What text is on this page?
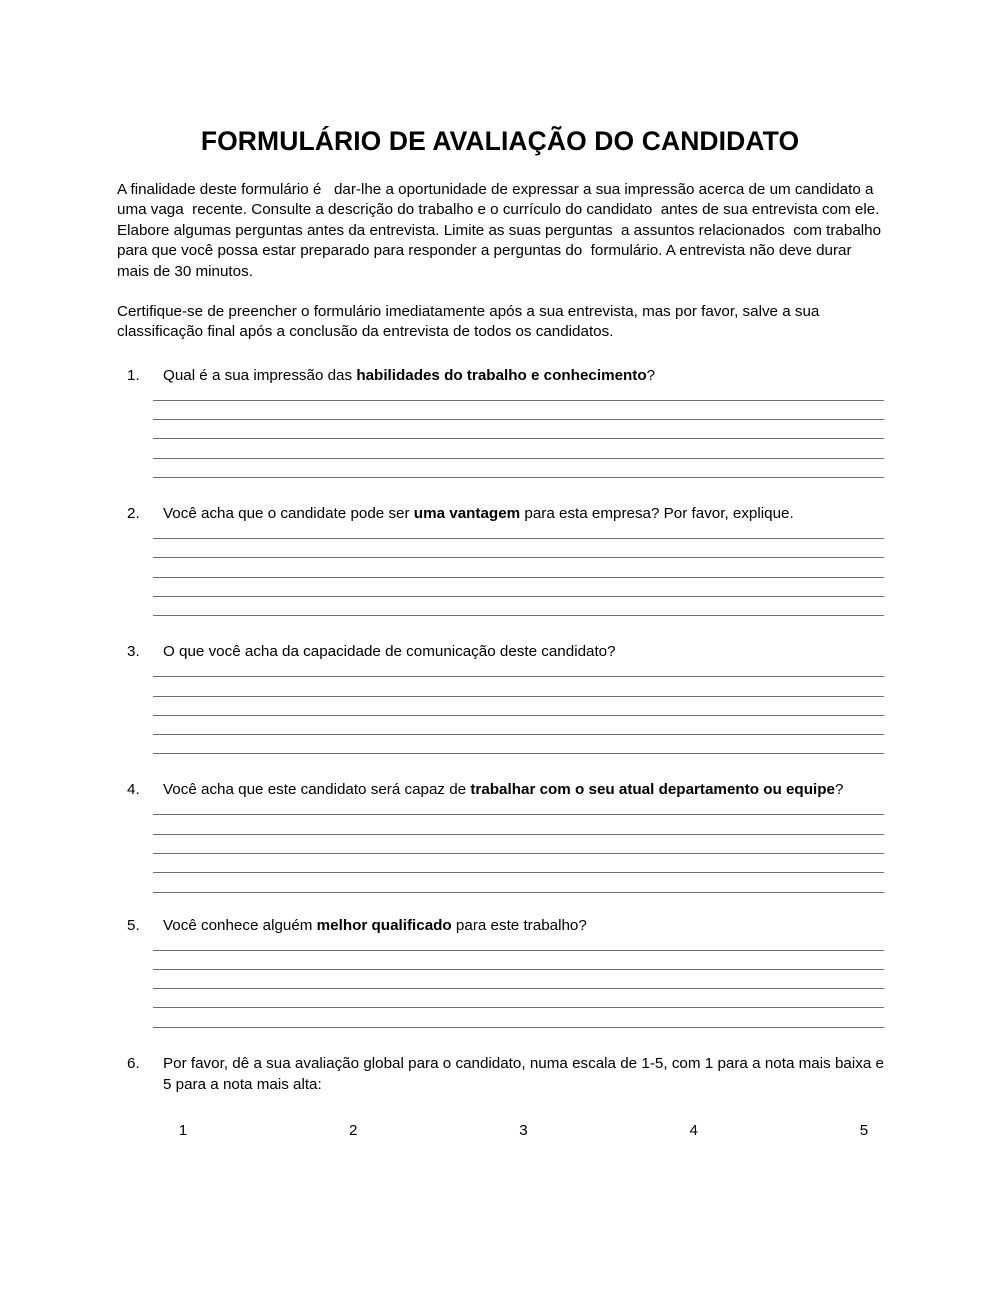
FORMULÁRIO DE AVALIAÇÃO DO CANDIDATO

A finalidade deste formulário é   dar-lhe a oportunidade de expressar a sua impressão acerca de um candidato a uma vaga  recente. Consulte a descrição do trabalho e o currículo do candidato  antes de sua entrevista com ele. Elabore algumas perguntas antes da entrevista. Limite as suas perguntas  a assuntos relacionados  com trabalho para que você possa estar preparado para responder a perguntas do  formulário. A entrevista não deve durar mais de 30 minutos.

Certifique-se de preencher o formulário imediatamente após a sua entrevista, mas por favor, salve a sua classificação final após a conclusão da entrevista de todos os candidatos.

1.	Qual é a sua impressão das habilidades do trabalho e conhecimento?
2.	Você acha que o candidate pode ser uma vantagem para esta empresa? Por favor, explique.
3.	O que você acha da capacidade de comunicação deste candidato?
4.	Você acha que este candidato será capaz de trabalhar com o seu atual departamento ou equipe?
5.	Você conhece alguém melhor qualificado para este trabalho?
6.	Por favor, dê a sua avaliação global para o candidato, numa escala de 1-5, com 1 para a nota mais baixa e 5 para a nota mais alta:
1	2	3	4	5
